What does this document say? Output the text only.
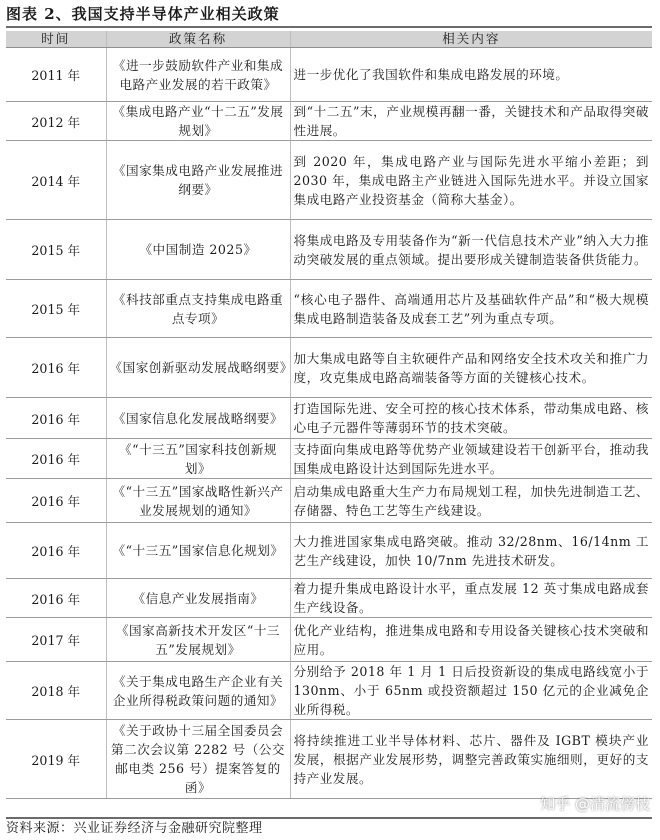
图表 2、我国支持半导体产业相关政策
时间	政策名称	相关内容
2011 年	《进一步鼓励软件产业和集成电路产业发展的若干政策》	进一步优化了我国软件和集成电路发展的环境。
2012 年	《集成电路产业“十二五”发展规划》	到“十二五”末，产业规模再翻一番，关键技术和产品取得突破性进展。
2014 年	《国家集成电路产业发展推进纲要》	到 2020 年，集成电路产业与国际先进水平缩小差距；到 2030 年，集成电路主产业链进入国际先进水平。并设立国家集成电路产业投资基金（简称大基金）。
2015 年	《中国制造 2025》	将集成电路及专用装备作为“新一代信息技术产业”纳入大力推动突破发展的重点领域。提出要形成关键制造装备供货能力。
2015 年	《科技部重点支持集成电路重点专项》	“核心电子器件、高端通用芯片及基础软件产品”和“极大规模集成电路制造装备及成套工艺”列为重点专项。
2016 年	《国家创新驱动发展战略纲要》	加大集成电路等自主软硬件产品和网络安全技术攻关和推广力度，攻克集成电路高端装备等方面的关键核心技术。
2016 年	《国家信息化发展战略纲要》	打造国际先进、安全可控的核心技术体系，带动集成电路、核心电子元器件等薄弱环节的技术突破。
2016 年	《“十三五”国家科技创新规划》	支持面向集成电路等优势产业领域建设若干创新平台，推动我国集成电路设计达到国际先进水平。
2016 年	《“十三五”国家战略性新兴产业发展规划的通知》	启动集成电路重大生产力布局规划工程，加快先进制造工艺、存储器、特色工艺等生产线建设。
2016 年	《“十三五”国家信息化规划》	大力推进国家集成电路突破。推动 32/28nm、16/14nm 工艺生产线建设，加快 10/7nm 先进技术研发。
2016 年	《信息产业发展指南》	着力提升集成电路设计水平，重点发展 12 英寸集成电路成套生产线设备。
2017 年	《国家高新技术开发区“十三五”发展规划》	优化产业结构，推进集成电路和专用设备关键核心技术突破和应用。
2018 年	《关于集成电路生产企业有关企业所得税政策问题的通知》	分别给予 2018 年 1 月 1 日后投资新设的集成电路线宽小于 130nm、小于 65nm 或投资额超过 150 亿元的企业减免企业所得税。
2019 年	《关于政协十三届全国委员会第二次会议第 2282 号（公交邮电类 256 号）提案答复的函》	将持续推进工业半导体材料、芯片、器件及 IGBT 模块产业发展，根据产业发展形势，调整完善政策实施细则，更好的支持产业发展。
资料来源：兴业证券经济与金融研究院整理
知乎 @清流傍枝
